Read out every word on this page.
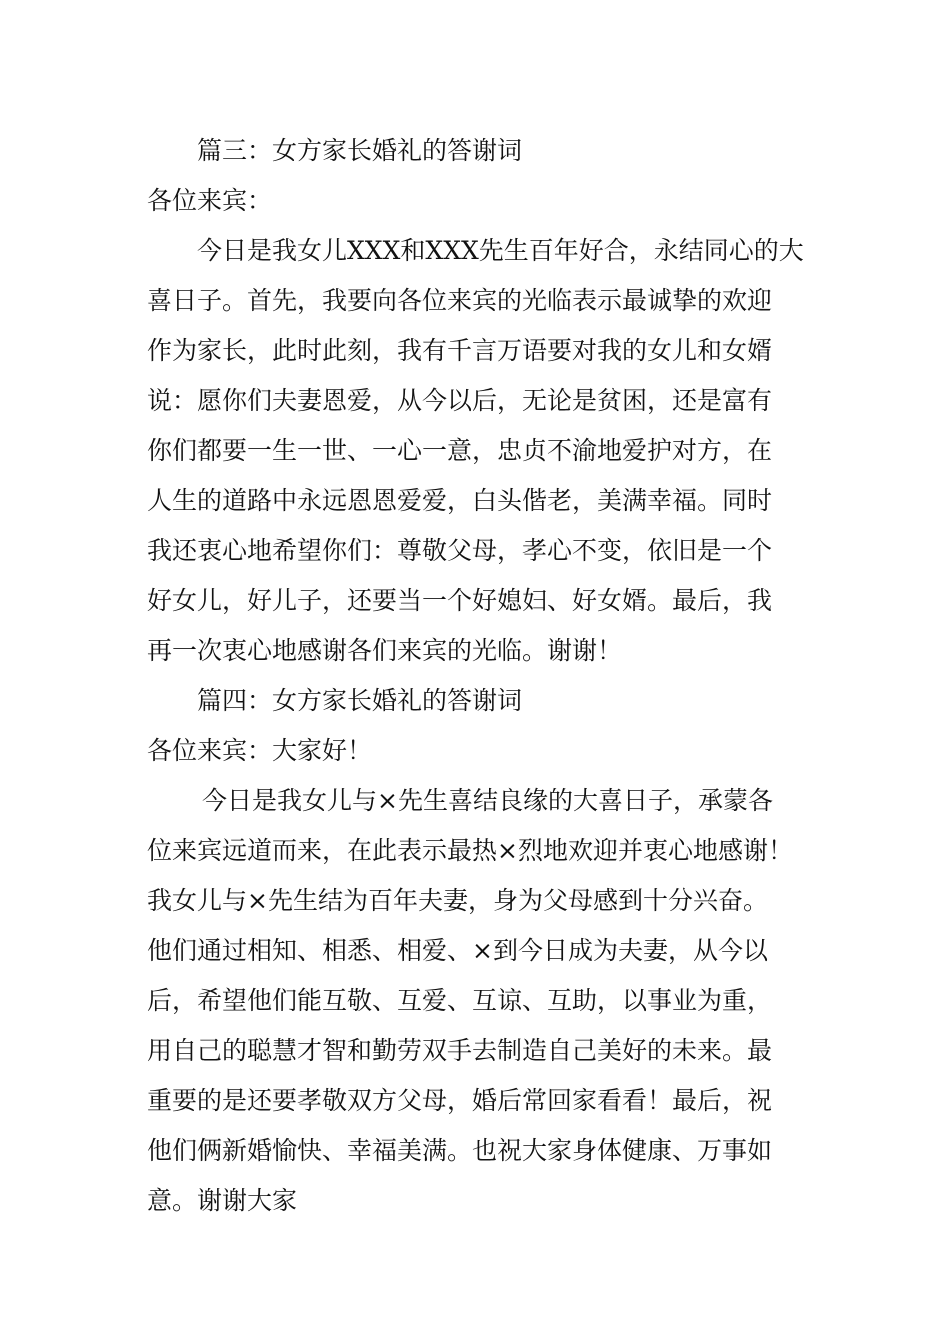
篇三：女方家长婚礼的答谢词
各位来宾：
今日是我女儿XXX和XXX先生百年好合，永结同心的大
喜日子。首先，我要向各位来宾的光临表示最诚挚的欢迎
作为家长，此时此刻，我有千言万语要对我的女儿和女婿
说：愿你们夫妻恩爱，从今以后，无论是贫困，还是富有
你们都要一生一世、一心一意，忠贞不渝地爱护对方，在
人生的道路中永远恩恩爱爱，白头偕老，美满幸福。同时
我还衷心地希望你们：尊敬父母，孝心不变，依旧是一个
好女儿，好儿子，还要当一个好媳妇、好女婿。最后，我
再一次衷心地感谢各们来宾的光临。谢谢！
篇四：女方家长婚礼的答谢词
各位来宾：大家好！
今日是我女儿与×先生喜结良缘的大喜日子，承蒙各
位来宾远道而来，在此表示最热×烈地欢迎并衷心地感谢！
我女儿与×先生结为百年夫妻，身为父母感到十分兴奋。
他们通过相知、相悉、相爱、×到今日成为夫妻，从今以
后，希望他们能互敬、互爱、互谅、互助，以事业为重，
用自己的聪慧才智和勤劳双手去制造自己美好的未来。最
重要的是还要孝敬双方父母，婚后常回家看看！最后，祝
他们俩新婚愉快、幸福美满。也祝大家身体健康、万事如
意。谢谢大家
